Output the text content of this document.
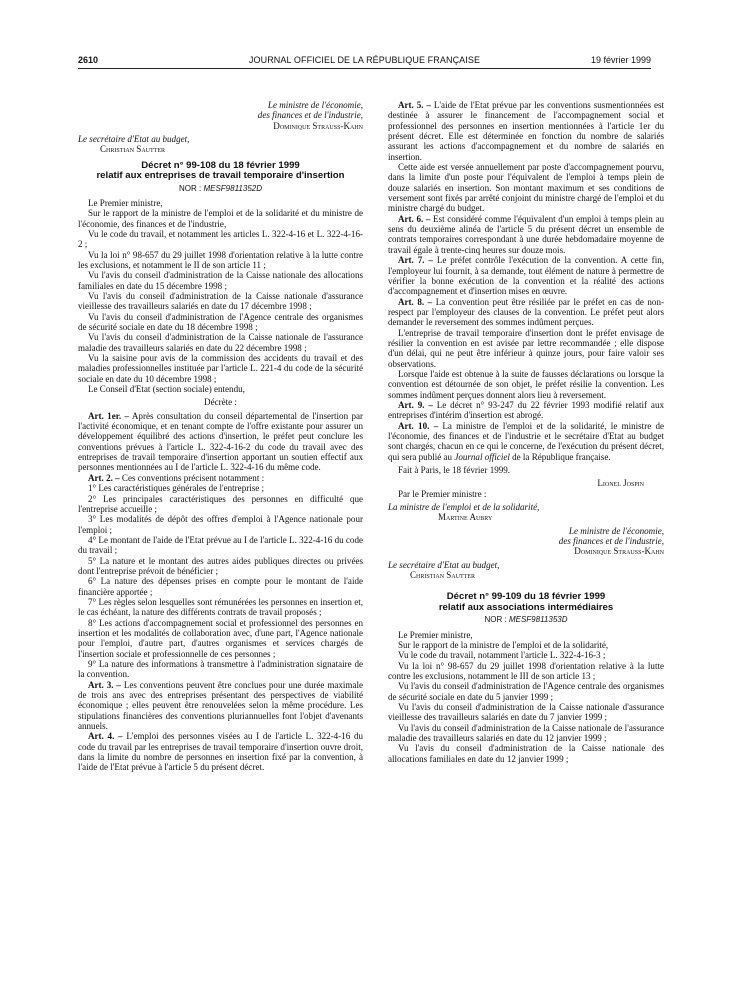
2610	JOURNAL OFFICIEL DE LA RÉPUBLIQUE FRANÇAISE	19 février 1999

Le ministre de l'économie,

des finances et de l'industrie,

Dominique Strauss-Kahn

Le secrétaire d'Etat au budget,

Christian Sautter

Décret n° 99-108 du 18 février 1999
relatif aux entreprises de travail temporaire d'insertion

NOR : MESF9811352D

Le Premier ministre,

Sur le rapport de la ministre de l'emploi et de la solidarité et du ministre de l'économie, des finances et de l'industrie,

Vu le code du travail, et notamment les articles L. 322-4-16 et L. 322-4-16-2 ;

Vu la loi n° 98-657 du 29 juillet 1998 d'orientation relative à la lutte contre les exclusions, et notamment le II de son article 11 ;

Vu l'avis du conseil d'administration de la Caisse nationale des allocations familiales en date du 15 décembre 1998 ;

Vu l'avis du conseil d'administration de la Caisse nationale d'assurance vieillesse des travailleurs salariés en date du 17 décembre 1998 ;

Vu l'avis du conseil d'administration de l'Agence centrale des organismes de sécurité sociale en date du 18 décembre 1998 ;

Vu l'avis du conseil d'administration de la Caisse nationale de l'assurance maladie des travailleurs salariés en date du 22 décembre 1998 ;

Vu la saisine pour avis de la commission des accidents du travail et des maladies professionnelles instituée par l'article L. 221-4 du code de la sécurité sociale en date du 10 décembre 1998 ;

Le Conseil d'Etat (section sociale) entendu,

Décrète :

Art. 1er. – Après consultation du conseil départemental de l'insertion par l'activité économique, et en tenant compte de l'offre existante pour assurer un développement équilibré des actions d'insertion, le préfet peut conclure les conventions prévues à l'article L. 322-4-16-2 du code du travail avec des entreprises de travail temporaire d'insertion apportant un soutien effectif aux personnes mentionnées au I de l'article L. 322-4-16 du même code.

Art. 2. – Ces conventions précisent notamment :

1° Les caractéristiques générales de l'entreprise ;

2° Les principales caractéristiques des personnes en difficulté que l'entreprise accueille ;

3° Les modalités de dépôt des offres d'emploi à l'Agence nationale pour l'emploi ;

4° Le montant de l'aide de l'Etat prévue au I de l'article L. 322-4-16 du code du travail ;

5° La nature et le montant des autres aides publiques directes ou privées dont l'entreprise prévoit de bénéficier ;

6° La nature des dépenses prises en compte pour le montant de l'aide financière apportée ;

7° Les règles selon lesquelles sont rémunérées les personnes en insertion et, le cas échéant, la nature des différents contrats de travail proposés ;

8° Les actions d'accompagnement social et professionnel des personnes en insertion et les modalités de collaboration avec, d'une part, l'Agence nationale pour l'emploi, d'autre part, d'autres organismes et services chargés de l'insertion sociale et professionnelle de ces personnes ;

9° La nature des informations à transmettre à l'administration signataire de la convention.

Art. 3. – Les conventions peuvent être conclues pour une durée maximale de trois ans avec des entreprises présentant des perspectives de viabilité économique ; elles peuvent être renouvelées selon la même procédure. Les stipulations financières des conventions pluriannuelles font l'objet d'avenants annuels.

Art. 4. – L'emploi des personnes visées au I de l'article L. 322-4-16 du code du travail par les entreprises de travail temporaire d'insertion ouvre droit, dans la limite du nombre de personnes en insertion fixé par la convention, à l'aide de l'Etat prévue à l'article 5 du présent décret.

Art. 5. – L'aide de l'Etat prévue par les conventions susmentionnées est destinée à assurer le financement de l'accompagnement social et professionnel des personnes en insertion mentionnées à l'article 1er du présent décret. Elle est déterminée en fonction du nombre de salariés assurant les actions d'accompagnement et du nombre de salariés en insertion.

Cette aide est versée annuellement par poste d'accompagnement pourvu, dans la limite d'un poste pour l'équivalent de l'emploi à temps plein de douze salariés en insertion. Son montant maximum et ses conditions de versement sont fixés par arrêté conjoint du ministre chargé de l'emploi et du ministre chargé du budget.

Art. 6. – Est considéré comme l'équivalent d'un emploi à temps plein au sens du deuxième alinéa de l'article 5 du présent décret un ensemble de contrats temporaires correspondant à une durée hebdomadaire moyenne de travail égale à trente-cinq heures sur douze mois.

Art. 7. – Le préfet contrôle l'exécution de la convention. A cette fin, l'employeur lui fournit, à sa demande, tout élément de nature à permettre de vérifier la bonne exécution de la convention et la réalité des actions d'accompagnement et d'insertion mises en œuvre.

Art. 8. – La convention peut être résiliée par le préfet en cas de non-respect par l'employeur des clauses de la convention. Le préfet peut alors demander le reversement des sommes indûment perçues.

L'entreprise de travail temporaire d'insertion dont le préfet envisage de résilier la convention en est avisée par lettre recommandée ; elle dispose d'un délai, qui ne peut être inférieur à quinze jours, pour faire valoir ses observations.

Lorsque l'aide est obtenue à la suite de fausses déclarations ou lorsque la convention est détournée de son objet, le préfet résilie la convention. Les sommes indûment perçues donnent alors lieu à reversement.

Art. 9. – Le décret n° 93-247 du 22 février 1993 modifié relatif aux entreprises d'intérim d'insertion est abrogé.

Art. 10. – La ministre de l'emploi et de la solidarité, le ministre de l'économie, des finances et de l'industrie et le secrétaire d'Etat au budget sont chargés, chacun en ce qui le concerne, de l'exécution du présent décret, qui sera publié au Journal officiel de la République française.

Fait à Paris, le 18 février 1999.

Lionel Jospin

Par le Premier ministre :

La ministre de l'emploi et de la solidarité,

Martine Aubry

Le ministre de l'économie,

des finances et de l'industrie,

Dominique Strauss-Kahn

Le secrétaire d'Etat au budget,

Christian Sautter

Décret n° 99-109 du 18 février 1999
relatif aux associations intermédiaires

NOR : MESF9811353D

Le Premier ministre,

Sur le rapport de la ministre de l'emploi et de la solidarité,

Vu le code du travail, notamment l'article L. 322-4-16-3 ;

Vu la loi n° 98-657 du 29 juillet 1998 d'orientation relative à la lutte contre les exclusions, notamment le III de son article 13 ;

Vu l'avis du conseil d'administration de l'Agence centrale des organismes de sécurité sociale en date du 5 janvier 1999 ;

Vu l'avis du conseil d'administration de la Caisse nationale d'assurance vieillesse des travailleurs salariés en date du 7 janvier 1999 ;

Vu l'avis du conseil d'administration de la Caisse nationale de l'assurance maladie des travailleurs salariés en date du 12 janvier 1999 ;

Vu l'avis du conseil d'administration de la Caisse nationale des allocations familiales en date du 12 janvier 1999 ;
